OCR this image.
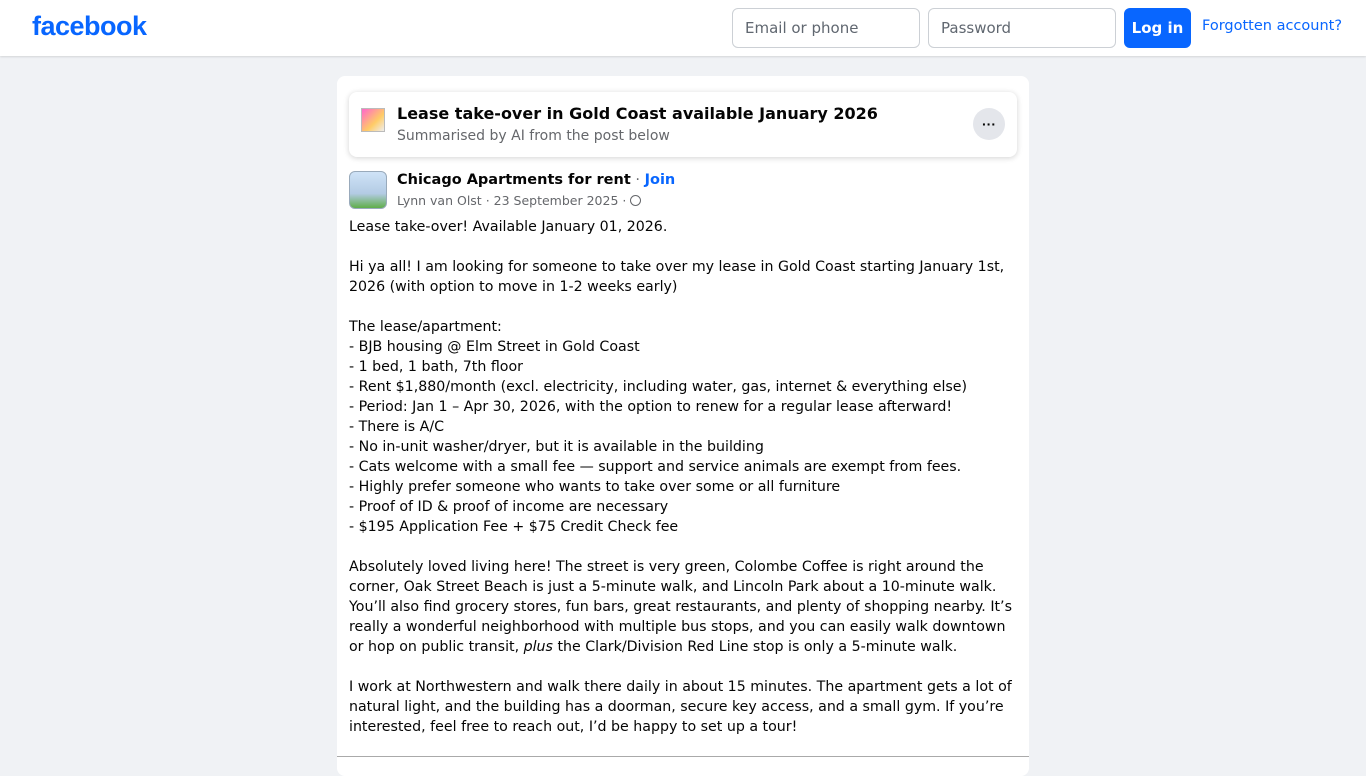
facebook
Email or phone	Log in	Forgotten account?
Lease take-over in Gold Coast available January 2026
Summarised by AI from the post below
···
Chicago Apartments for rent · Join
Lynn van Olst · 23 September 2025 ·
Lease take-over! Available January 01, 2026.

Hi ya all! I am looking for someone to take over my lease in Gold Coast starting January 1st, 2026 (with option to move in 1-2 weeks early)

The lease/apartment:
- BJB housing @ Elm Street in Gold Coast
- 1 bed, 1 bath, 7th floor
- Rent $1,880/month (excl. electricity, including water, gas, internet & everything else)
- Period: Jan 1 – Apr 30, 2026, with the option to renew for a regular lease afterward!
- There is A/C
- No in-unit washer/dryer, but it is available in the building
- Cats welcome with a small fee — support and service animals are exempt from fees.
- Highly prefer someone who wants to take over some or all furniture
- Proof of ID & proof of income are necessary
- $195 Application Fee + $75 Credit Check fee

Absolutely loved living here! The street is very green, Colombe Coffee is right around the corner, Oak Street Beach is just a 5-minute walk, and Lincoln Park about a 10-minute walk. You’ll also find grocery stores, fun bars, great restaurants, and plenty of shopping nearby. It’s really a wonderful neighborhood with multiple bus stops, and you can easily walk downtown or hop on public transit, plus the Clark/Division Red Line stop is only a 5-minute walk.

I work at Northwestern and walk there daily in about 15 minutes. The apartment gets a lot of natural light, and the building has a doorman, secure key access, and a small gym. If you’re interested, feel free to reach out, I’d be happy to set up a tour!
